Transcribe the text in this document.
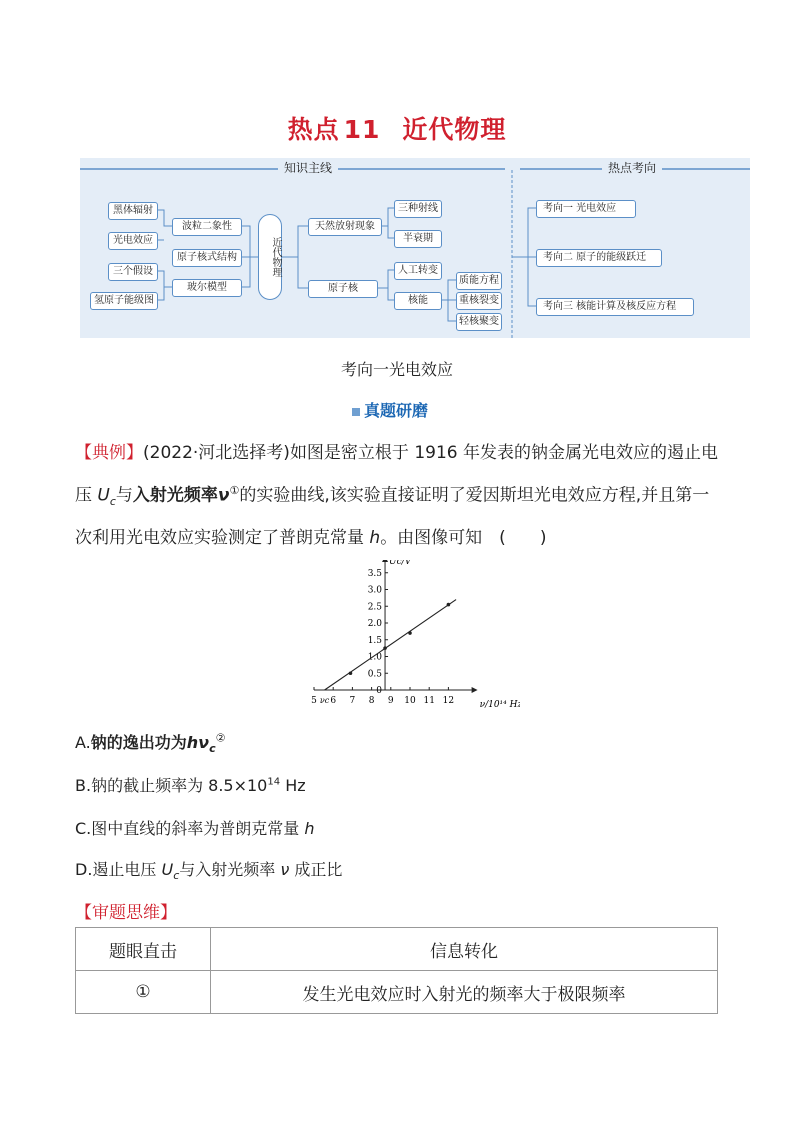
热点 11 近代物理
知识主线	热点考向
黑体辐射
光电效应
三个假设
氢原子能级图
波粒二象性
原子核式结构
玻尔模型
近代物理
天然放射现象
原子核
三种射线
半衰期
人工转变
核能
质能方程
重核裂变
轻核聚变
考向一 光电效应
考向二 原子的能级跃迁
考向三 核能计算及核反应方程
考向一光电效应
真题研磨
【典例】(2022·河北选择考)如图是密立根于 1916 年发表的钠金属光电效应的遏止电压 $U_c$与入射光频率ν①的实验曲线,该实验直接证明了爱因斯坦光电效应方程,并且第一次利用光电效应实验测定了普朗克常量 h。由图像可知　(　　)
5 6 7 8 9 10 11 12
νc
0
0.5
1.0
1.5
2.0
2.5
3.0
3.5
ν/10¹⁴ Hz
Uc/V
A.钠的逸出功为$h\nu_c^②$
B.钠的截止频率为 $8.5\times 10^{14}$ Hz
C.图中直线的斜率为普朗克常量 h
D.遏止电压 $U_c$与入射光频率 ν 成正比
【审题思维】
题眼直击	信息转化
①	发生光电效应时入射光的频率大于极限频率
